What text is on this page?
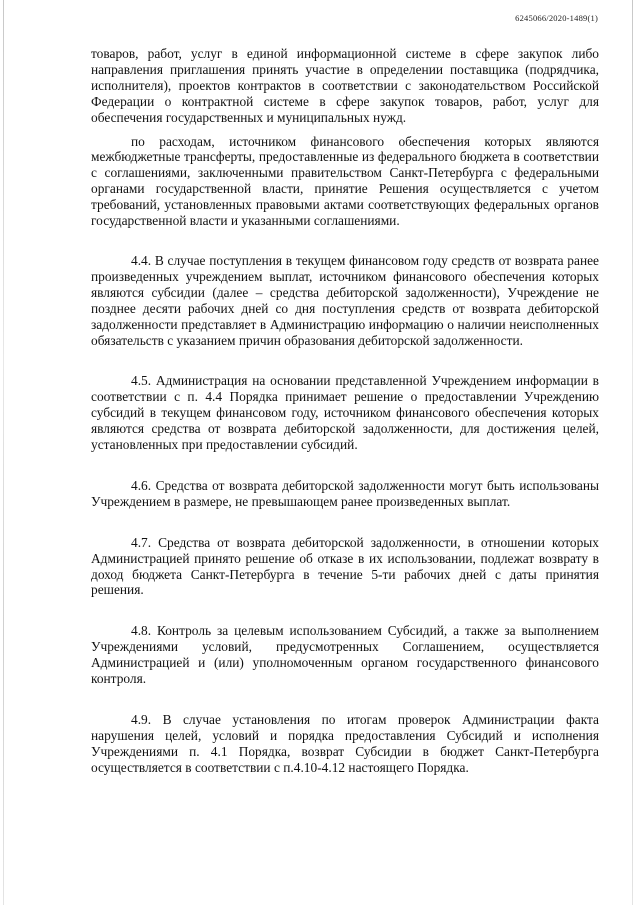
6245066/2020-1489(1)

товаров, работ, услуг в единой информационной системе в сфере закупок либо направления приглашения принять участие в определении поставщика (подрядчика, исполнителя), проектов контрактов в соответствии с законодательством Российской Федерации о контрактной системе в сфере закупок товаров, работ, услуг для обеспечения государственных и муниципальных нужд.

по расходам, источником финансового обеспечения которых являются межбюджетные трансферты, предоставленные из федерального бюджета в соответствии с соглашениями, заключенными правительством Санкт-Петербурга с федеральными органами государственной власти, принятие Решения осуществляется с учетом требований, установленных правовыми актами соответствующих федеральных органов государственной власти и указанными соглашениями.

4.4. В случае поступления в текущем финансовом году средств от возврата ранее произведенных учреждением выплат, источником финансового обеспечения которых являются субсидии (далее – средства дебиторской задолженности), Учреждение не позднее десяти рабочих дней со дня поступления средств от возврата дебиторской задолженности представляет в Администрацию информацию о наличии неисполненных обязательств с указанием причин образования дебиторской задолженности.

4.5. Администрация на основании представленной Учреждением информации в соответствии с п. 4.4 Порядка принимает решение о предоставлении Учреждению субсидий в текущем финансовом году, источником финансового обеспечения которых являются средства от возврата дебиторской задолженности, для достижения целей, установленных при предоставлении субсидий.

4.6. Средства от возврата дебиторской задолженности могут быть использованы Учреждением в размере, не превышающем ранее произведенных выплат.

4.7. Средства от возврата дебиторской задолженности, в отношении которых Администрацией принято решение об отказе в их использовании, подлежат возврату в доход бюджета Санкт-Петербурга в течение 5-ти рабочих дней с даты принятия решения.

4.8. Контроль за целевым использованием Субсидий, а также за выполнением Учреждениями условий, предусмотренных Соглашением, осуществляется Администрацией и (или) уполномоченным органом государственного финансового контроля.

4.9. В случае установления по итогам проверок Администрации факта нарушения целей, условий и порядка предоставления Субсидий и исполнения Учреждениями п. 4.1 Порядка, возврат Субсидии в бюджет Санкт-Петербурга осуществляется в соответствии с п.4.10-4.12 настоящего Порядка.
